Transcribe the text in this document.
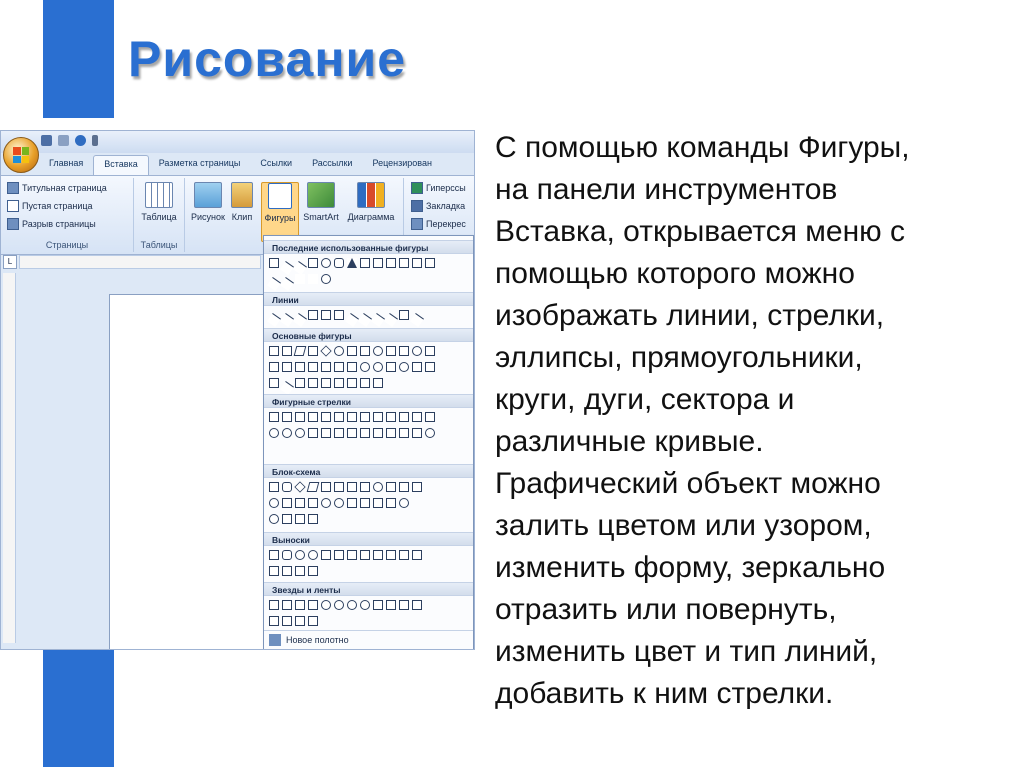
Рисование
С помощью команды Фигуры,
на панели инструментов
Вставка, открывается меню с
помощью которого можно
изображать линии, стрелки,
эллипсы, прямоугольники,
круги, дуги, сектора и
различные кривые.
Графический объект можно
залить цветом или узором,
изменить форму, зеркально
отразить или повернуть,
изменить цвет и тип линий,
добавить к ним стрелки.
Главная	Вставка	Разметка страницы	Ссылки	Рассылки	Рецензирован
Титульная страница
Пустая страница
Разрыв страницы
Страницы
Таблица
Таблицы
Рисунок Клип	Фигуры SmartArt Диаграмма
Гиперссы
Закладка
Перекрес
L
Последние использованные фигуры
Линии
Основные фигуры
Фигурные стрелки
Блок-схема
Выноски
Звезды и ленты
Новое полотно
